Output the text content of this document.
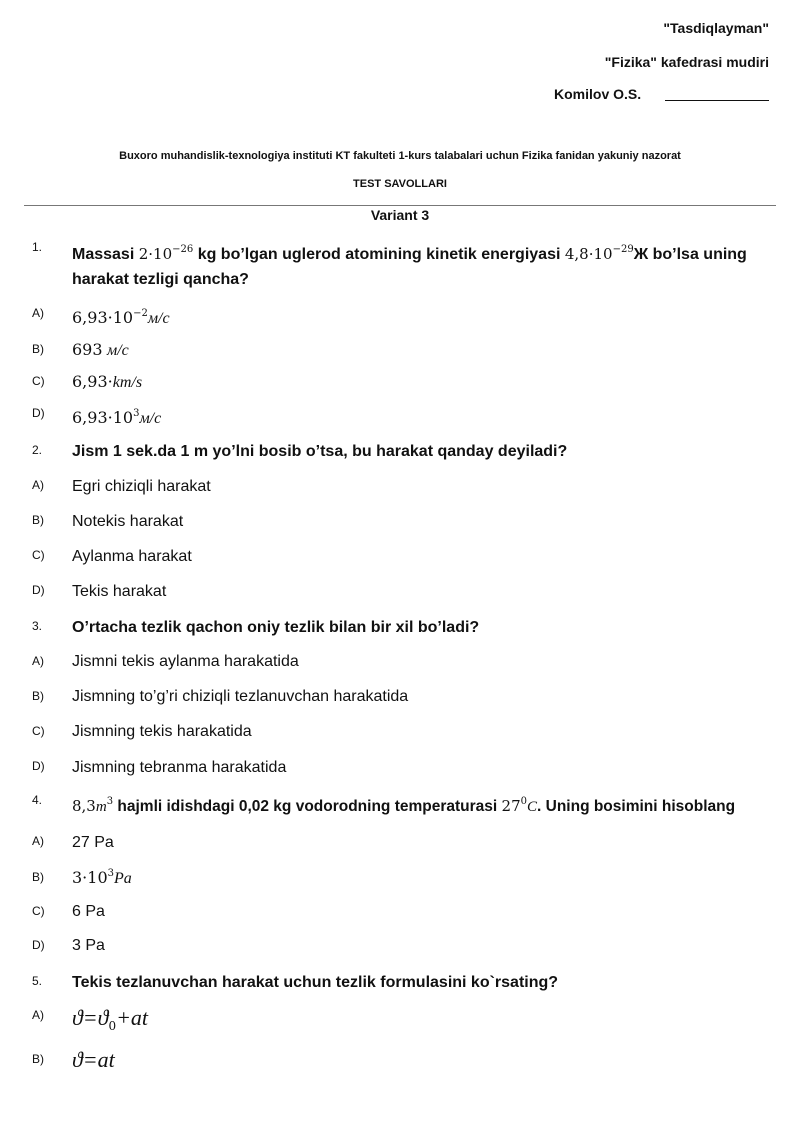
"Tasdiqlayman"
"Fizika" kafedrasi mudiri
Komilov O.S.
Buxoro muhandislik-texnologiya instituti KT fakulteti 1-kurs talabalari uchun Fizika fanidan yakuniy nazorat
TEST SAVOLLARI
Variant 3
1. Massasi $2\cdot 10^{-26}$ kg bo’lgan uglerod atomining kinetik energiyasi $4,8\cdot 10^{-29}Ж$ bo’lsa uning harakat tezligi qancha?
A) $6,93\cdot 10^{-2}м/с$
B) 693 м/с
C) 6,93·km/s
D) $6,93\cdot 10^3м/с$
2. Jism 1 sek.da 1 m yo’lni bosib o’tsa, bu harakat qanday deyiladi?
A) Egri chiziqli harakat
B) Notekis harakat
C) Aylanma harakat
D) Tekis harakat
3. O’rtacha tezlik qachon oniy tezlik bilan bir xil bo’ladi?
A) Jismni tekis aylanma harakatida
B) Jismning to’g’ri chiziqli tezlanuvchan harakatida
C) Jismning tekis harakatida
D) Jismning tebranma harakatida
4. $8,3m^3$ hajmli idishdagi 0,02 kg vodorodning temperaturasi $27^0C$. Uning bosimini hisoblang
A) 27 Pa
B) $3\cdot 10^3Pa$
C) 6 Pa
D) 3 Pa
5. Tekis tezlanuvchan harakat uchun tezlik formulasini ko`rsating?
A) $ϑ=ϑ_0+at$
B) ϑ=at
